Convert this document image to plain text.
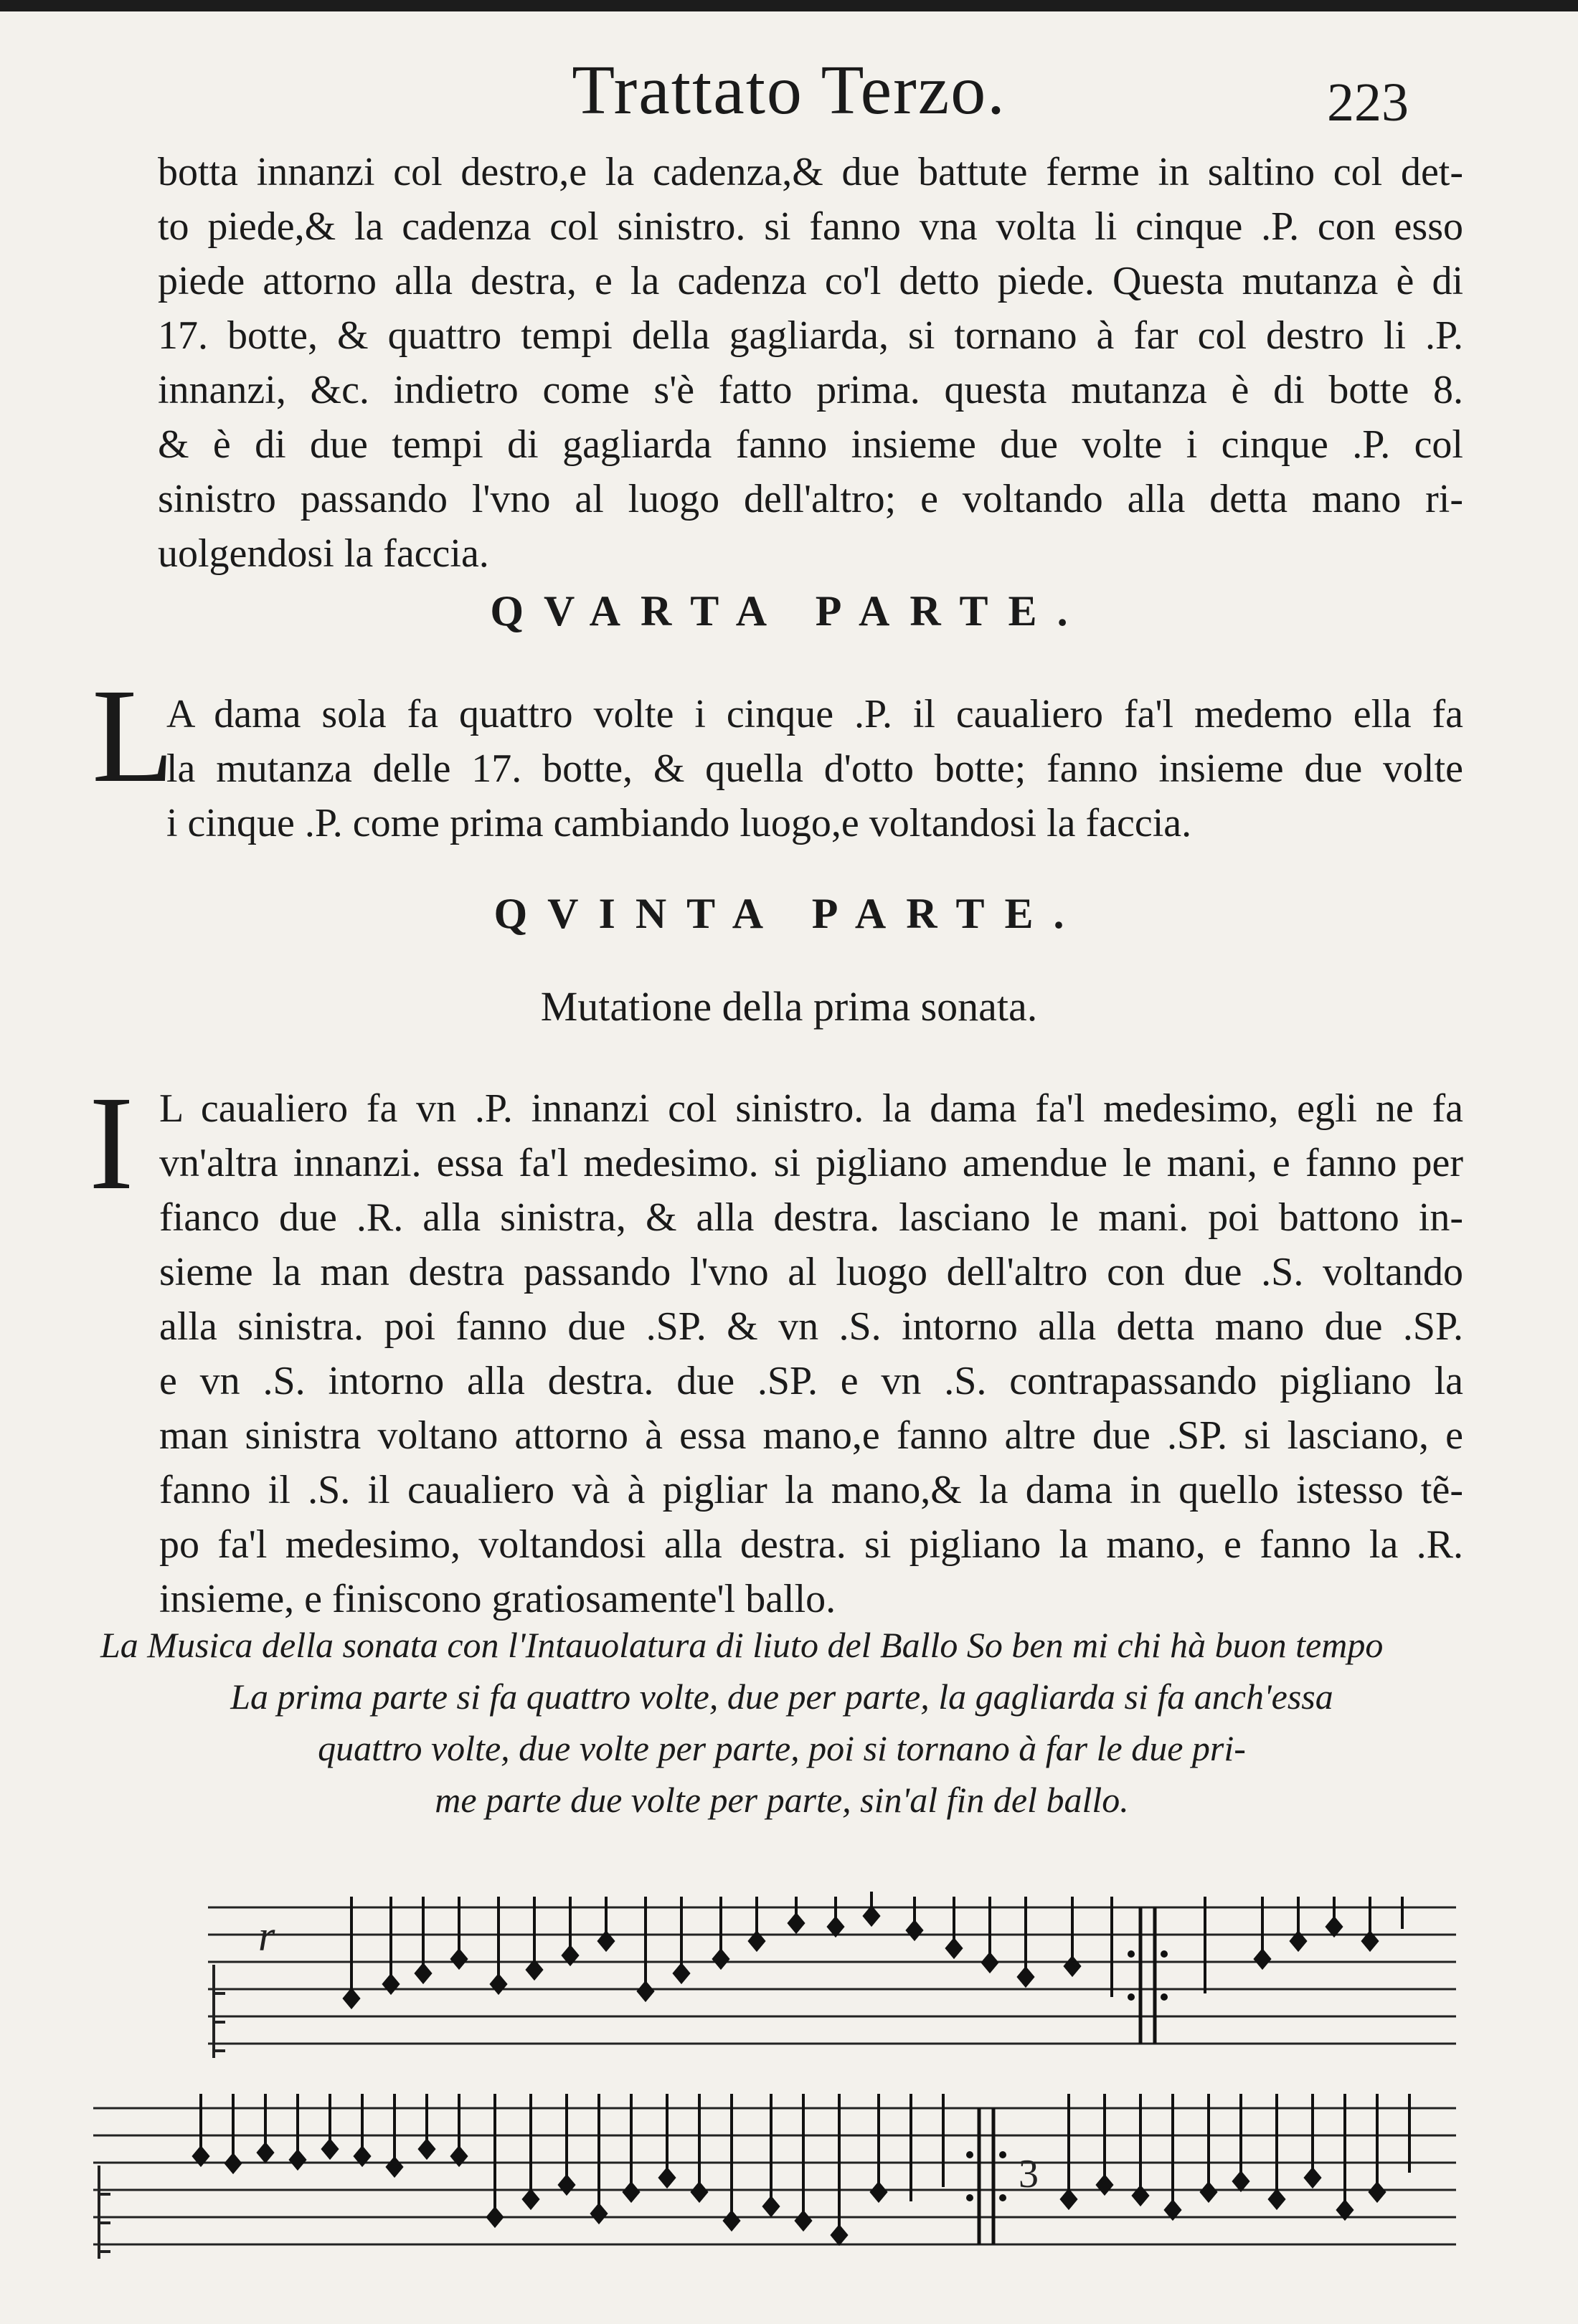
Trattato Terzo.	223
botta innanzi col destro,e la cadenza,& due battute ferme in saltino col det-
to piede,& la cadenza col sinistro. si fanno vna volta li cinque .P. con esso
piede attorno alla destra, e la cadenza co'l detto piede. Questa mutanza è di
17. botte, & quattro tempi della gagliarda, si tornano à far col destro li .P.
innanzi, &c. indietro come s'è fatto prima. questa mutanza è di botte 8.
& è di due tempi di gagliarda fanno insieme due volte i cinque .P. col
sinistro passando l'vno al luogo dell'altro; e voltando alla detta mano ri-
uolgendosi la faccia.
QVARTA PARTE.
L
A dama sola fa quattro volte i cinque .P. il caualiero fa'l medemo ella fa
la mutanza delle 17. botte, & quella d'otto botte; fanno insieme due volte
i cinque .P. come prima cambiando luogo,e voltandosi la faccia.
QVINTA PARTE.
Mutatione della prima sonata.
I L caualiero fa vn .P. innanzi col sinistro. la dama fa'l medesimo, egli ne fa
vn'altra innanzi. essa fa'l medesimo. si pigliano amendue le mani, e fanno per
fianco due .R. alla sinistra, & alla destra. lasciano le mani. poi battono in-
sieme la man destra passando l'vno al luogo dell'altro con due .S. voltando
alla sinistra. poi fanno due .SP. & vn .S. intorno alla detta mano due .SP.
e vn .S. intorno alla destra. due .SP. e vn .S. contrapassando pigliano la
man sinistra voltano attorno à essa mano,e fanno altre due .SP. si lasciano, e
fanno il .S. il caualiero và à pigliar la mano,& la dama in quello istesso tẽ-
po fa'l medesimo, voltandosi alla destra. si pigliano la mano, e fanno la .R.
insieme, e finiscono gratiosamente'l ballo.
La Musica della sonata con l'Intauolatura di liuto del Ballo So ben mi chi hà buon tempo
La prima parte si fa quattro volte, due per parte, la gagliarda si fa anch'essa
quattro volte, due volte per parte, poi si tornano à far le due pri-
me parte due volte per parte, sin'al fin del ballo.
r
3
